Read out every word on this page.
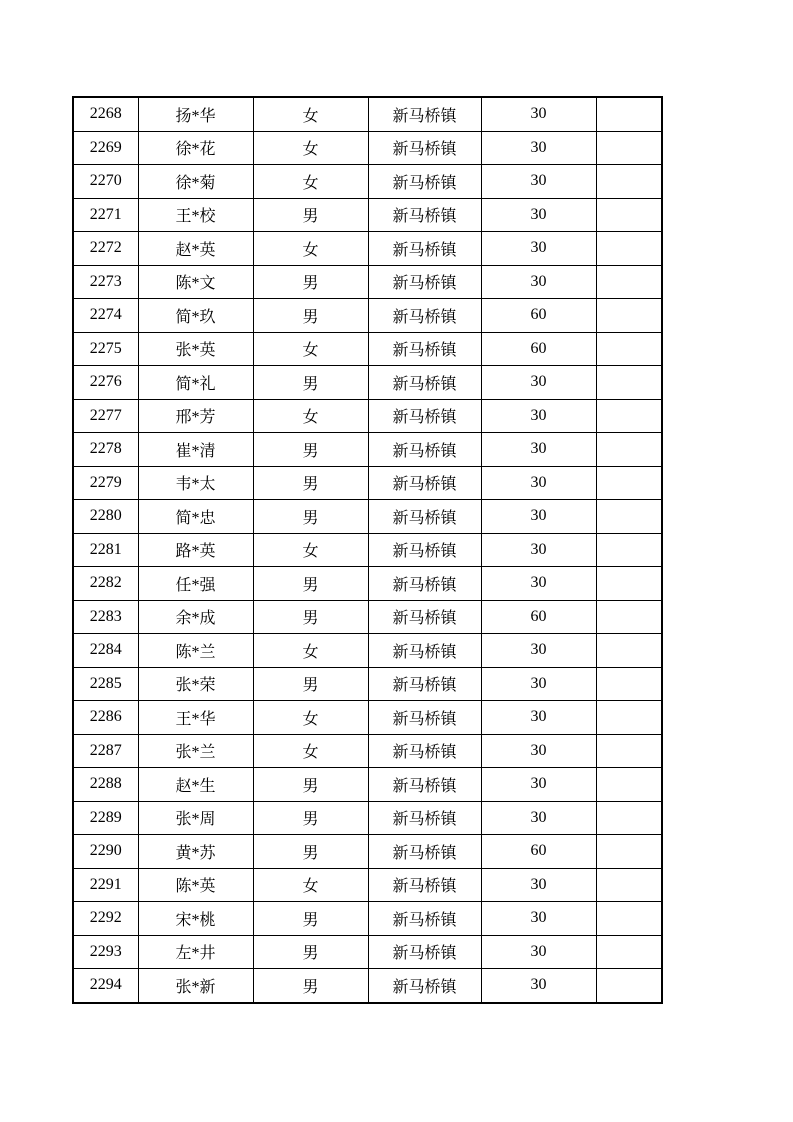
2268	扬*华	女	新马桥镇	30	
2269	徐*花	女	新马桥镇	30	
2270	徐*菊	女	新马桥镇	30	
2271	王*校	男	新马桥镇	30	
2272	赵*英	女	新马桥镇	30	
2273	陈*文	男	新马桥镇	30	
2274	简*玖	男	新马桥镇	60	
2275	张*英	女	新马桥镇	60	
2276	简*礼	男	新马桥镇	30	
2277	邢*芳	女	新马桥镇	30	
2278	崔*清	男	新马桥镇	30	
2279	韦*太	男	新马桥镇	30	
2280	简*忠	男	新马桥镇	30	
2281	路*英	女	新马桥镇	30	
2282	任*强	男	新马桥镇	30	
2283	余*成	男	新马桥镇	60	
2284	陈*兰	女	新马桥镇	30	
2285	张*荣	男	新马桥镇	30	
2286	王*华	女	新马桥镇	30	
2287	张*兰	女	新马桥镇	30	
2288	赵*生	男	新马桥镇	30	
2289	张*周	男	新马桥镇	30	
2290	黄*苏	男	新马桥镇	60	
2291	陈*英	女	新马桥镇	30	
2292	宋*桃	男	新马桥镇	30	
2293	左*井	男	新马桥镇	30	
2294	张*新	男	新马桥镇	30	
